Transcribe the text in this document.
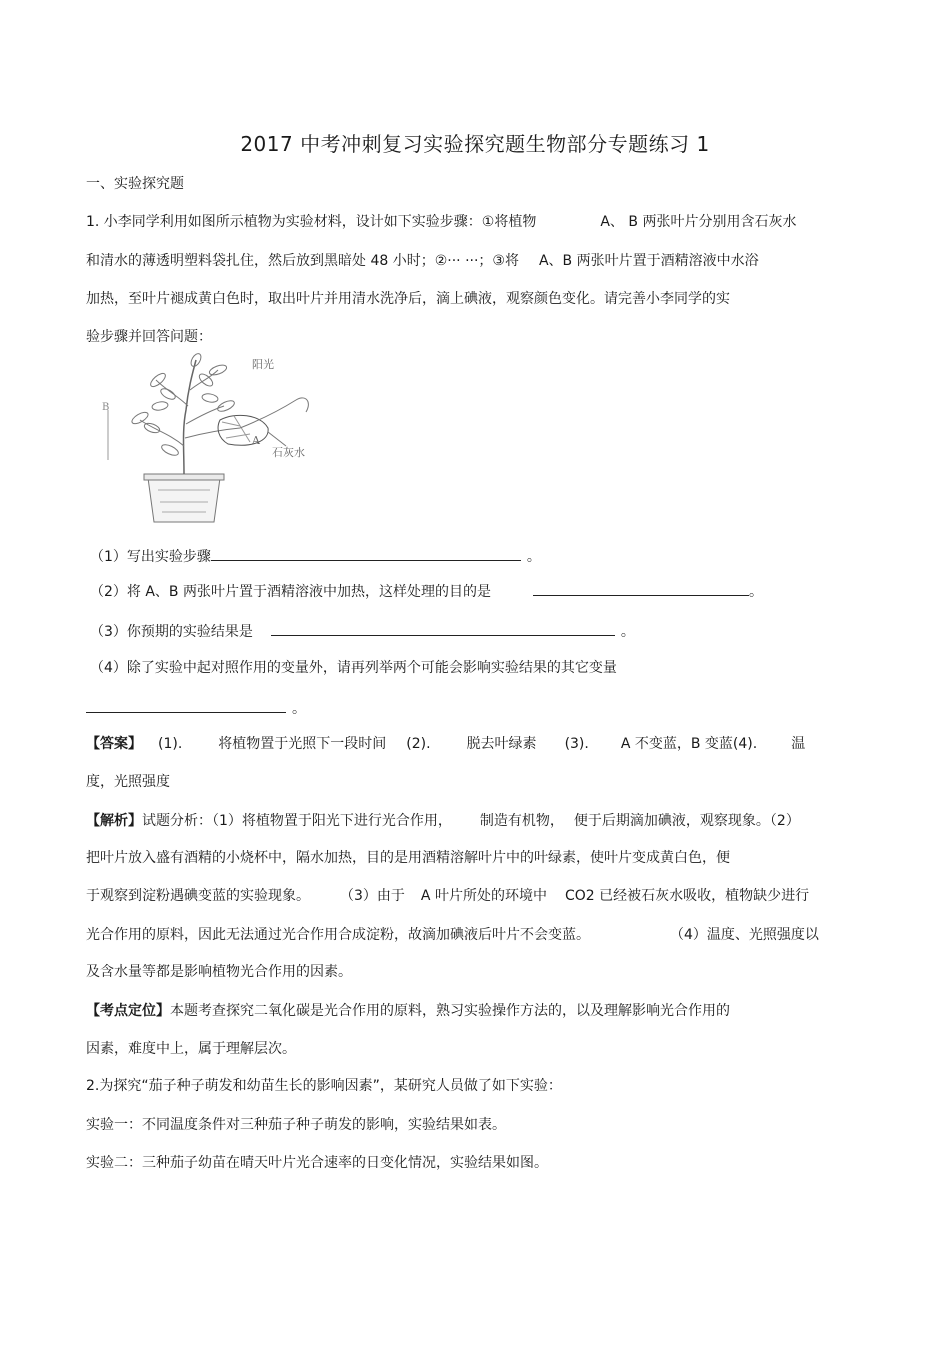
2017 中考冲刺复习实验探究题生物部分专题练习 1
一、实验探究题
1. 小李同学利用如图所示植物为实验材料，设计如下实验步骤：①将植物	A、 B 两张叶片分别用含石灰水
和清水的薄透明塑料袋扎住，然后放到黑暗处 48 小时；②··· ···；③将 A、B 两张叶片置于酒精溶液中水浴
加热，至叶片褪成黄白色时，取出叶片并用清水洗净后，滴上碘液，观察颜色变化。请完善小李同学的实
验步骤并回答问题：
阳光
A
石灰水
B
（1）写出实验步骤	。
（2）将 A、B 两张叶片置于酒精溶液中加热，这样处理的目的是	。
（3）你预期的实验结果是	。
（4）除了实验中起对照作用的变量外，请再列举两个可能会影响实验结果的其它变量
。
【答案】 (1).	将植物置于光照下一段时间 (2).	脱去叶绿素 (3). A 不变蓝，B 变蓝(4). 温
度，光照强度
【解析】试题分析：（1）将植物置于阳光下进行光合作用， 制造有机物， 便于后期滴加碘液，观察现象。（2）
把叶片放入盛有酒精的小烧杯中，隔水加热，目的是用酒精溶解叶片中的叶绿素，使叶片变成黄白色，便
于观察到淀粉遇碘变蓝的实验现象。 （3）由于 A 叶片所处的环境中 CO2 已经被石灰水吸收，植物缺少进行
光合作用的原料，因此无法通过光合作用合成淀粉，故滴加碘液后叶片不会变蓝。	（4）温度、光照强度以
及含水量等都是影响植物光合作用的因素。
【考点定位】本题考查探究二氧化碳是光合作用的原料，熟习实验操作方法的，以及理解影响光合作用的
因素，难度中上，属于理解层次。
2.为探究“茄子种子萌发和幼苗生长的影响因素”，某研究人员做了如下实验：
实验一：不同温度条件对三种茄子种子萌发的影响，实验结果如表。
实验二：三种茄子幼苗在晴天叶片光合速率的日变化情况，实验结果如图。
